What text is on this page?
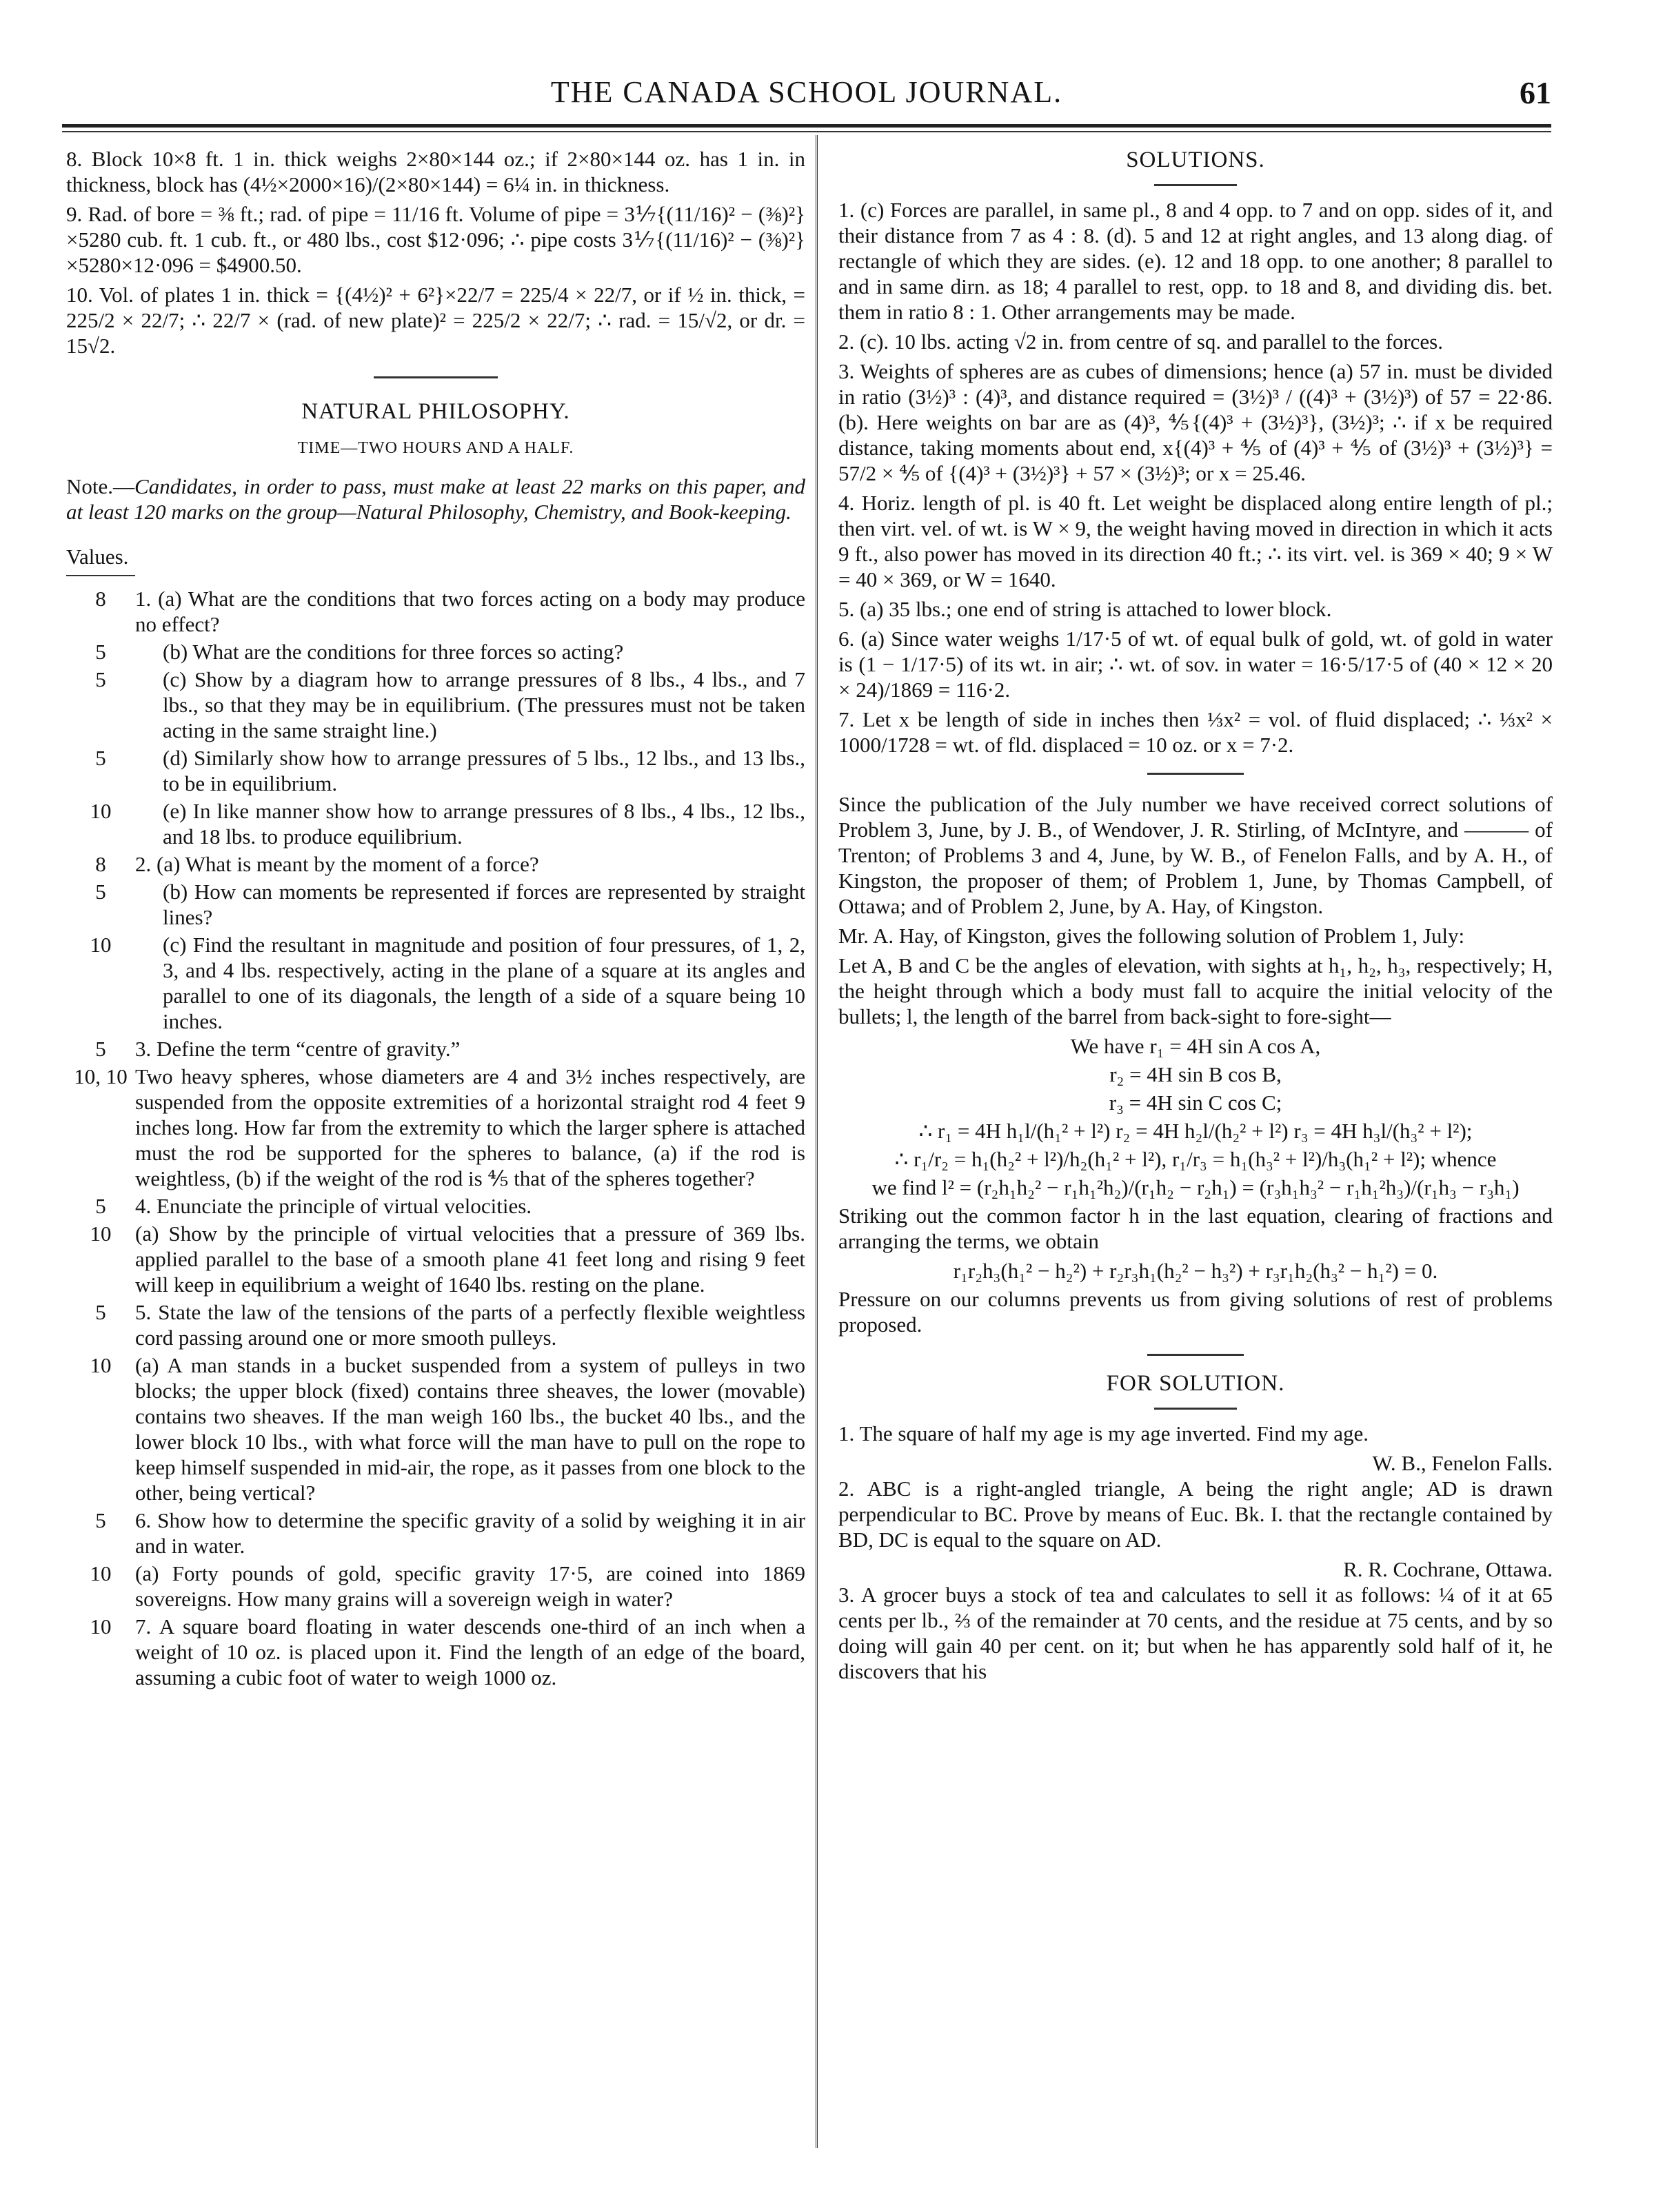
THE CANADA SCHOOL JOURNAL.	61

8. Block 10×8 ft. 1 in. thick weighs 2×80×144 oz.; if 2×80×144 oz. has 1 in. in thickness, block has (4½×2000×16)/(2×80×144) = 6¼ in. in thickness.

9. Rad. of bore = ⅜ ft.; rad. of pipe = 11/16 ft. Volume of pipe = 3⅐{(11/16)² − (⅜)²}×5280 cub. ft. 1 cub. ft., or 480 lbs., cost $12·096; ∴ pipe costs 3⅐{(11/16)² − (⅜)²}×5280×12·096 = $4900.50.

10. Vol. of plates 1 in. thick = {(4½)² + 6²}×22/7 = 225/4 × 22/7, or if ½ in. thick, = 225/2 × 22/7; ∴ 22/7 × (rad. of new plate)² = 225/2 × 22/7; ∴ rad. = 15/√2, or dr. = 15√2.

NATURAL PHILOSOPHY.
TIME—TWO HOURS AND A HALF.

Note.—Candidates, in order to pass, must make at least 22 marks on this paper, and at least 120 marks on the group—Natural Philosophy, Chemistry, and Book-keeping.

Values.
8	1. (a) What are the conditions that two forces acting on a body may produce no effect?
5	(b) What are the conditions for three forces so acting?
5	(c) Show by a diagram how to arrange pressures of 8 lbs., 4 lbs., and 7 lbs., so that they may be in equilibrium. (The pressures must not be taken acting in the same straight line.)
5	(d) Similarly show how to arrange pressures of 5 lbs., 12 lbs., and 13 lbs., to be in equilibrium.
10	(e) In like manner show how to arrange pressures of 8 lbs., 4 lbs., 12 lbs., and 18 lbs. to produce equilibrium.
8	2. (a) What is meant by the moment of a force?
5	(b) How can moments be represented if forces are represented by straight lines?
10	(c) Find the resultant in magnitude and position of four pressures, of 1, 2, 3, and 4 lbs. respectively, acting in the plane of a square at its angles and parallel to one of its diagonals, the length of a side of a square being 10 inches.
5	3. Define the term “centre of gravity.”
10, 10 Two heavy spheres, whose diameters are 4 and 3½ inches respectively, are suspended from the opposite extremities of a horizontal straight rod 4 feet 9 inches long. How far from the extremity to which the larger sphere is attached must the rod be supported for the spheres to balance, (a) if the rod is weightless, (b) if the weight of the rod is ⅘ that of the spheres together?
5	4. Enunciate the principle of virtual velocities.
10	(a) Show by the principle of virtual velocities that a pressure of 369 lbs. applied parallel to the base of a smooth plane 41 feet long and rising 9 feet will keep in equilibrium a weight of 1640 lbs. resting on the plane.
5	5. State the law of the tensions of the parts of a perfectly flexible weightless cord passing around one or more smooth pulleys.
10	(a) A man stands in a bucket suspended from a system of pulleys in two blocks; the upper block (fixed) contains three sheaves, the lower (movable) contains two sheaves. If the man weigh 160 lbs., the bucket 40 lbs., and the lower block 10 lbs., with what force will the man have to pull on the rope to keep himself suspended in mid-air, the rope, as it passes from one block to the other, being vertical?
5	6. Show how to determine the specific gravity of a solid by weighing it in air and in water.
10	(a) Forty pounds of gold, specific gravity 17·5, are coined into 1869 sovereigns. How many grains will a sovereign weigh in water?
10	7. A square board floating in water descends one-third of an inch when a weight of 10 oz. is placed upon it. Find the length of an edge of the board, assuming a cubic foot of water to weigh 1000 oz.
SOLUTIONS.

1. (c) Forces are parallel, in same pl., 8 and 4 opp. to 7 and on opp. sides of it, and their distance from 7 as 4 : 8. (d). 5 and 12 at right angles, and 13 along diag. of rectangle of which they are sides. (e). 12 and 18 opp. to one another; 8 parallel to and in same dirn. as 18; 4 parallel to rest, opp. to 18 and 8, and dividing dis. bet. them in ratio 8 : 1. Other arrangements may be made.

2. (c). 10 lbs. acting √2 in. from centre of sq. and parallel to the forces.

3. Weights of spheres are as cubes of dimensions; hence (a) 57 in. must be divided in ratio (3½)³ : (4)³, and distance required = (3½)³ / ((4)³ + (3½)³) of 57 = 22·86. (b). Here weights on bar are as (4)³, ⅘{(4)³ + (3½)³}, (3½)³; ∴ if x be required distance, taking moments about end, x{(4)³ + ⅘ of (4)³ + ⅘ of (3½)³ + (3½)³} = 57/2 × ⅘ of {(4)³ + (3½)³} + 57 × (3½)³; or x = 25.46.

4. Horiz. length of pl. is 40 ft. Let weight be displaced along entire length of pl.; then virt. vel. of wt. is W × 9, the weight having moved in direction in which it acts 9 ft., also power has moved in its direction 40 ft.; ∴ its virt. vel. is 369 × 40; 9 × W = 40 × 369, or W = 1640.

5. (a) 35 lbs.; one end of string is attached to lower block.

6. (a) Since water weighs 1/17·5 of wt. of equal bulk of gold, wt. of gold in water is (1 − 1/17·5) of its wt. in air; ∴ wt. of sov. in water = 16·5/17·5 of (40 × 12 × 20 × 24)/1869 = 116·2.

7. Let x be length of side in inches then ⅓x² = vol. of fluid displaced; ∴ ⅓x² × 1000/1728 = wt. of fld. displaced = 10 oz. or x = 7·2.

Since the publication of the July number we have received correct solutions of Problem 3, June, by J. B., of Wendover, J. R. Stirling, of McIntyre, and ——— of Trenton; of Problems 3 and 4, June, by W. B., of Fenelon Falls, and by A. H., of Kingston, the proposer of them; of Problem 1, June, by Thomas Campbell, of Ottawa; and of Problem 2, June, by A. Hay, of Kingston.

Mr. A. Hay, of Kingston, gives the following solution of Problem 1, July:

Let A, B and C be the angles of elevation, with sights at h₁, h₂, h₃, respectively; H, the height through which a body must fall to acquire the initial velocity of the bullets; l, the length of the barrel from back-sight to fore-sight—

We have r₁ = 4H sin A cos A,
r₂ = 4H sin B cos B,
r₃ = 4H sin C cos C;
∴ r₁ = 4H h₁l/(h₁² + l²) r₂ = 4H h₂l/(h₂² + l²) r₃ = 4H h₃l/(h₃² + l²);
∴ r₁/r₂ = h₁(h₂² + l²)/h₂(h₁² + l²), r₁/r₃ = h₁(h₃² + l²)/h₃(h₁² + l²); whence
we find l² = (r₂h₁h₂² − r₁h₁²h₂)/(r₁h₂ − r₂h₁) = (r₃h₁h₃² − r₁h₁²h₃)/(r₁h₃ − r₃h₁)

Striking out the common factor h in the last equation, clearing of fractions and arranging the terms, we obtain

r₁r₂h₃(h₁² − h₂²) + r₂r₃h₁(h₂² − h₃²) + r₃r₁h₂(h₃² − h₁²) = 0.

Pressure on our columns prevents us from giving solutions of rest of problems proposed.

FOR SOLUTION.

1. The square of half my age is my age inverted. Find my age.

W. B., Fenelon Falls.

2. ABC is a right-angled triangle, A being the right angle; AD is drawn perpendicular to BC. Prove by means of Euc. Bk. I. that the rectangle contained by BD, DC is equal to the square on AD.

R. R. Cochrane, Ottawa.

3. A grocer buys a stock of tea and calculates to sell it as follows: ¼ of it at 65 cents per lb., ⅔ of the remainder at 70 cents, and the residue at 75 cents, and by so doing will gain 40 per cent. on it; but when he has apparently sold half of it, he discovers that his
